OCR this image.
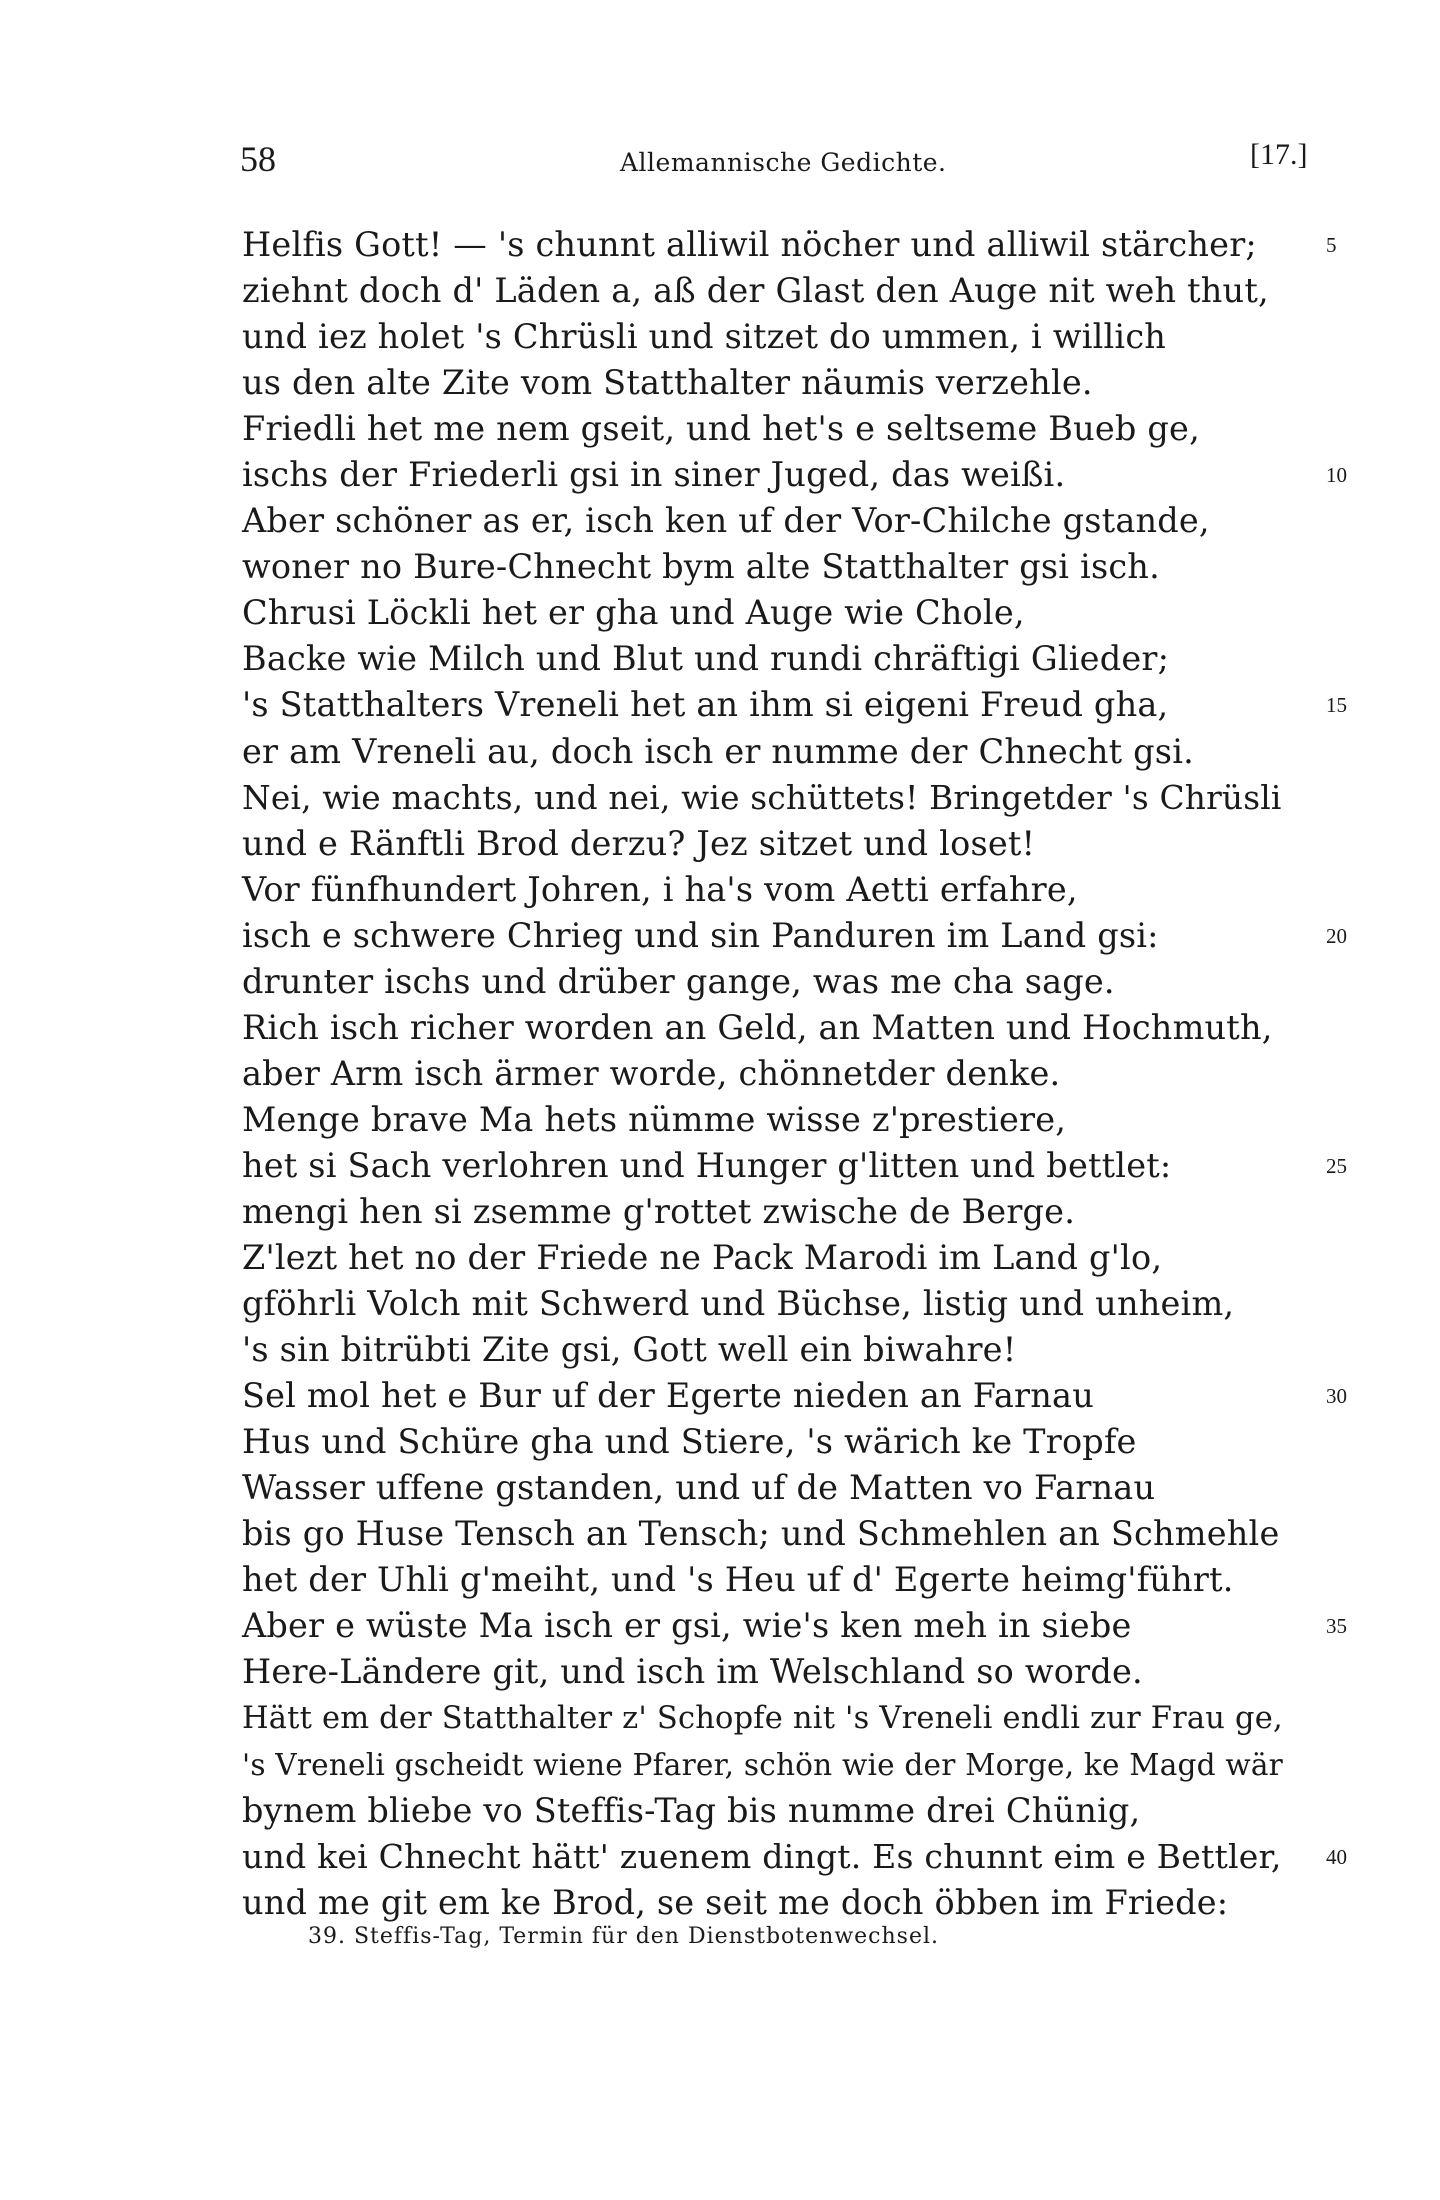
58	Allemannische Gedichte.	[17.]
Helfis Gott! — 's chunnt alliwil nöcher und alliwil stärcher;	5
ziehnt doch d' Läden a, aß der Glast den Auge nit weh thut,
und iez holet 's Chrüsli und sitzet do ummen, i willich
us den alte Zite vom Statthalter näumis verzehle.
Friedli het me nem gseit, und het's e seltseme Bueb ge,
ischs der Friederli gsi in siner Juged, das weißi.	10
Aber schöner as er, isch ken uf der Vor-Chilche gstande,
woner no Bure-Chnecht bym alte Statthalter gsi isch.
Chrusi Löckli het er gha und Auge wie Chole,
Backe wie Milch und Blut und rundi chräftigi Glieder;
's Statthalters Vreneli het an ihm si eigeni Freud gha,	15
er am Vreneli au, doch isch er numme der Chnecht gsi.
Nei, wie machts, und nei, wie schüttets! Bringetder 's Chrüsli
und e Ränftli Brod derzu? Jez sitzet und loset!
Vor fünfhundert Johren, i ha's vom Aetti erfahre,
isch e schwere Chrieg und sin Panduren im Land gsi:	20
drunter ischs und drüber gange, was me cha sage.
Rich isch richer worden an Geld, an Matten und Hochmuth,
aber Arm isch ärmer worde, chönnetder denke.
Menge brave Ma hets nümme wisse z'prestiere,
het si Sach verlohren und Hunger g'litten und bettlet:	25
mengi hen si zsemme g'rottet zwische de Berge.
Z'lezt het no der Friede ne Pack Marodi im Land g'lo,
gföhrli Volch mit Schwerd und Büchse, listig und unheim,
's sin bitrübti Zite gsi, Gott well ein biwahre!
Sel mol het e Bur uf der Egerte nieden an Farnau	30
Hus und Schüre gha und Stiere, 's wärich ke Tropfe
Wasser uffene gstanden, und uf de Matten vo Farnau
bis go Huse Tensch an Tensch; und Schmehlen an Schmehle
het der Uhli g'meiht, und 's Heu uf d' Egerte heimg'führt.
Aber e wüste Ma isch er gsi, wie's ken meh in siebe	35
Here-Ländere git, und isch im Welschland so worde.
Hätt em der Statthalter z' Schopfe nit 's Vreneli endli zur Frau ge,
's Vreneli gscheidt wiene Pfarer, schön wie der Morge, ke Magd wär
bynem bliebe vo Steffis-Tag bis numme drei Chünig,
und kei Chnecht hätt' zuenem dingt. Es chunnt eim e Bettler, 40
und me git em ke Brod, se seit me doch öbben im Friede:
39. Steffis-Tag, Termin für den Dienstbotenwechsel.
